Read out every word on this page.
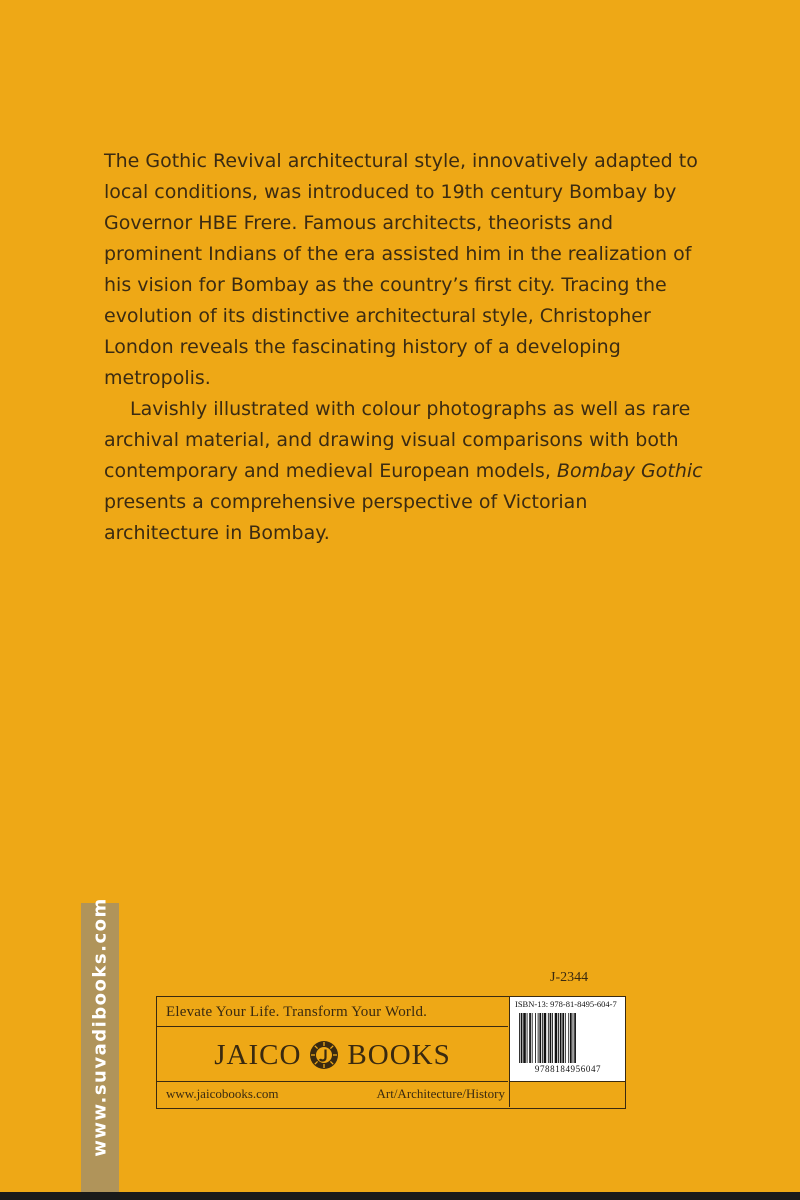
The Gothic Revival architectural style, innovatively adapted to local conditions, was introduced to 19th century Bombay by Governor HBE Frere. Famous architects, theorists and prominent Indians of the era assisted him in the realization of his vision for Bombay as the country’s first city. Tracing the evolution of its distinctive architectural style, Christopher London reveals the fascinating history of a developing metropolis.

Lavishly illustrated with colour photographs as well as rare archival material, and drawing visual comparisons with both contemporary and medieval European models, Bombay Gothic presents a comprehensive perspective of Victorian architecture in Bombay.

www.suvadibooks.com	J-2344
Elevate Your Life. Transform Your World.
JAICO BOOKS
www.jaicobooks.com	Art/Architecture/History
ISBN-13: 978-81-8495-604-7
9788184956047
